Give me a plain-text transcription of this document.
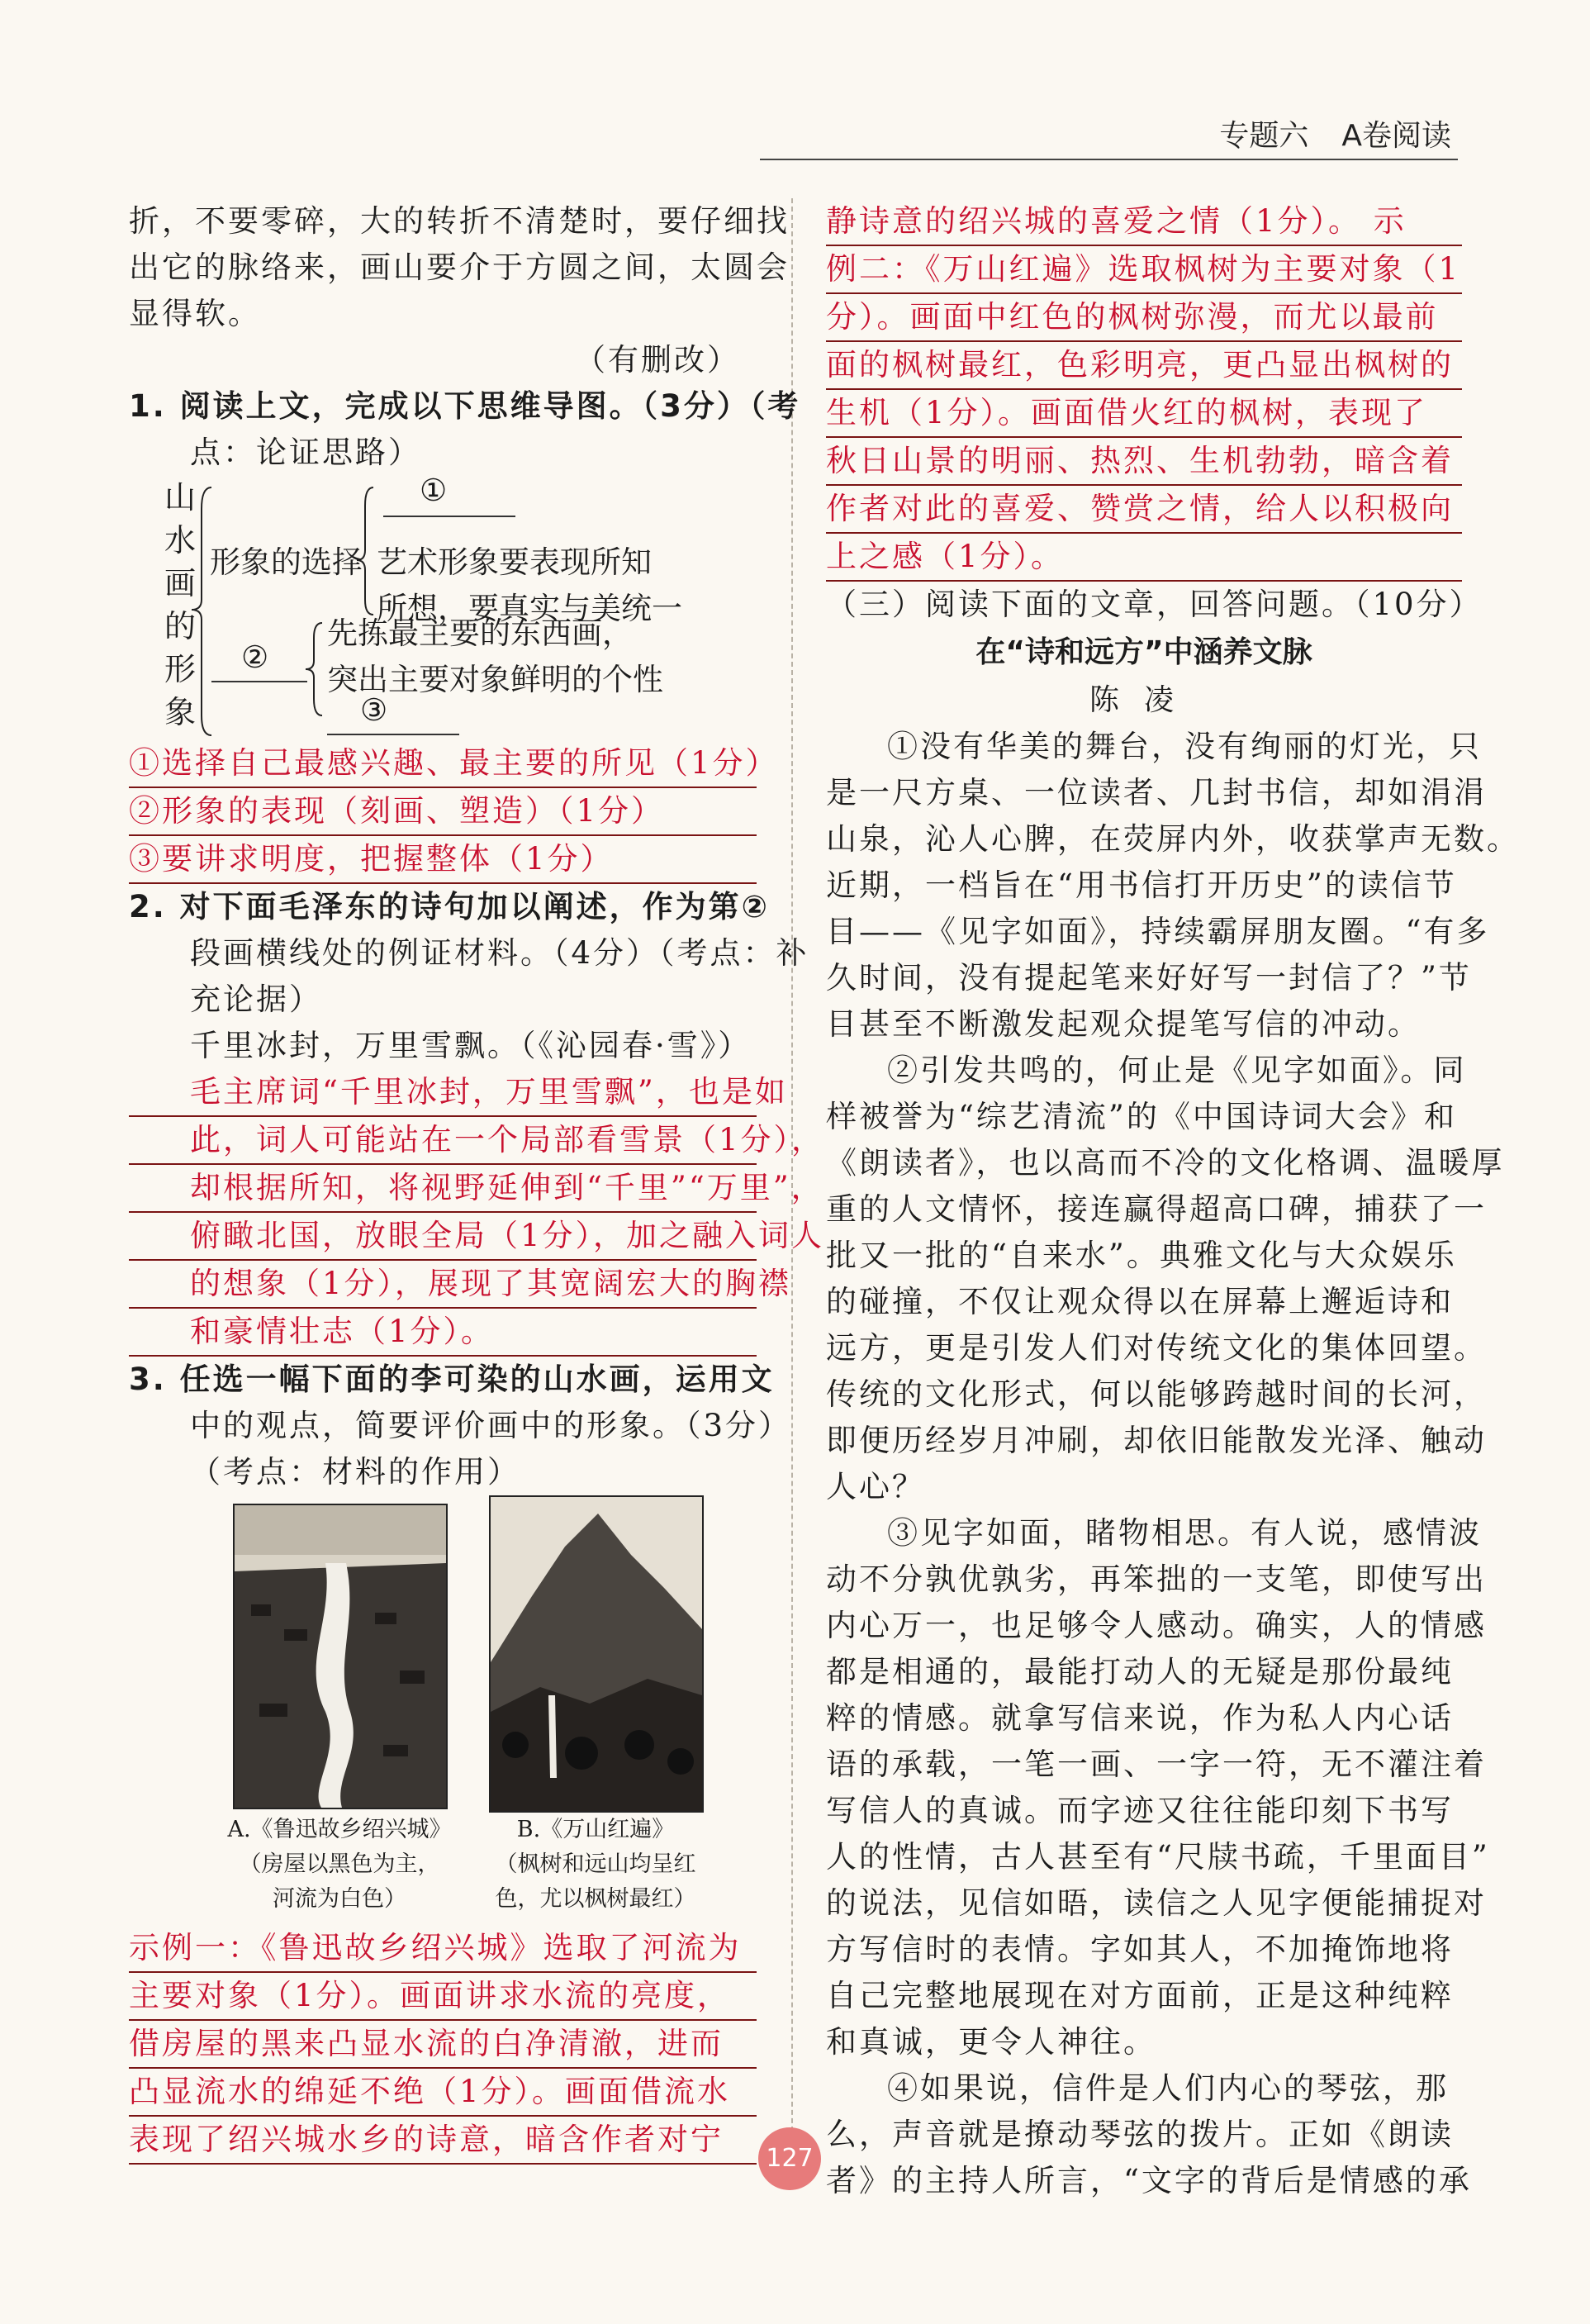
专题六 A卷阅读
折，不要零碎，大的转折不清楚时，要仔细找
出它的脉络来，画山要介于方圆之间，太圆会
显得软。
（有删改）
1. 阅读上文，完成以下思维导图。（3分）（考
点：论证思路）
山
水
画
的
形
象
形象的选择
①
艺术形象要表现所知
所想，要真实与美统一
②
先拣最主要的东西画，
突出主要对象鲜明的个性
③
①选择自己最感兴趣、最主要的所见（1分）
②形象的表现（刻画、塑造）（1分）
③要讲求明度，把握整体（1分）
2. 对下面毛泽东的诗句加以阐述，作为第②
段画横线处的例证材料。（4分）（考点：补
充论据）
千里冰封，万里雪飘。（《沁园春·雪》）
毛主席词“千里冰封，万里雪飘”，也是如
此，词人可能站在一个局部看雪景（1分），
却根据所知，将视野延伸到“千里”“万里”，
俯瞰北国，放眼全局（1分），加之融入词人
的想象（1分），展现了其宽阔宏大的胸襟
和豪情壮志（1分）。
3. 任选一幅下面的李可染的山水画，运用文
中的观点，简要评价画中的形象。（3分）
（考点：材料的作用）
A.《鲁迅故乡绍兴城》
（房屋以黑色为主，
河流为白色）
B.《万山红遍》
（枫树和远山均呈红
色，尤以枫树最红）
示例一：《鲁迅故乡绍兴城》选取了河流为
主要对象（1分）。画面讲求水流的亮度，
借房屋的黑来凸显水流的白净清澈，进而
凸显流水的绵延不绝（1分）。画面借流水
表现了绍兴城水乡的诗意，暗含作者对宁
静诗意的绍兴城的喜爱之情（1分）。 示
例二：《万山红遍》选取枫树为主要对象（1
分）。画面中红色的枫树弥漫，而尤以最前
面的枫树最红，色彩明亮，更凸显出枫树的
生机（1分）。画面借火红的枫树，表现了
秋日山景的明丽、热烈、生机勃勃，暗含着
作者对此的喜爱、赞赏之情，给人以积极向
上之感（1分）。
（三）阅读下面的文章，回答问题。（10分）
在“诗和远方”中涵养文脉
陈凌
①没有华美的舞台，没有绚丽的灯光，只
是一尺方桌、一位读者、几封书信，却如涓涓
山泉，沁人心脾，在荧屏内外，收获掌声无数。
近期，一档旨在“用书信打开历史”的读信节
目——《见字如面》，持续霸屏朋友圈。“有多
久时间，没有提起笔来好好写一封信了？”节
目甚至不断激发起观众提笔写信的冲动。
②引发共鸣的，何止是《见字如面》。同
样被誉为“综艺清流”的《中国诗词大会》和
《朗读者》，也以高而不冷的文化格调、温暖厚
重的人文情怀，接连赢得超高口碑，捕获了一
批又一批的“自来水”。典雅文化与大众娱乐
的碰撞，不仅让观众得以在屏幕上邂逅诗和
远方，更是引发人们对传统文化的集体回望。
传统的文化形式，何以能够跨越时间的长河，
即便历经岁月冲刷，却依旧能散发光泽、触动
人心？
③见字如面，睹物相思。有人说，感情波
动不分孰优孰劣，再笨拙的一支笔，即使写出
内心万一，也足够令人感动。确实，人的情感
都是相通的，最能打动人的无疑是那份最纯
粹的情感。就拿写信来说，作为私人内心话
语的承载，一笔一画、一字一符，无不灌注着
写信人的真诚。而字迹又往往能印刻下书写
人的性情，古人甚至有“尺牍书疏，千里面目”
的说法，见信如晤，读信之人见字便能捕捉对
方写信时的表情。字如其人，不加掩饰地将
自己完整地展现在对方面前，正是这种纯粹
和真诚，更令人神往。
④如果说，信件是人们内心的琴弦，那
么，声音就是撩动琴弦的拨片。正如《朗读
者》的主持人所言，“文字的背后是情感的承
127
